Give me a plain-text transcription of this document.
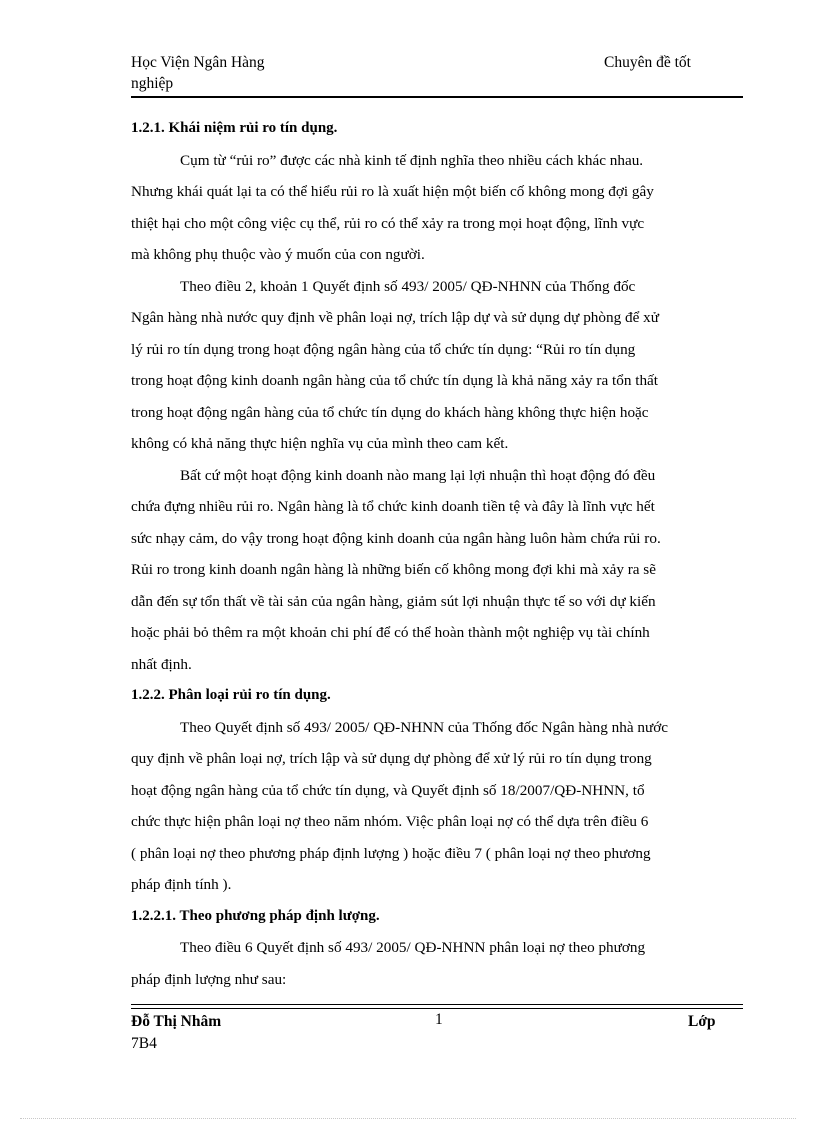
Học Viện Ngân Hàng
nghiệp
Chuyên đề tốt
1.2.1. Khái niệm rủi ro tín dụng.
Cụm từ “rủi ro” được các nhà kinh tế định nghĩa theo nhiều cách khác nhau.
Nhưng khái quát lại ta có thể hiểu rủi ro là xuất hiện một biến cố không mong đợi gây
thiệt hại cho một công việc cụ thể, rủi ro có thể xảy ra trong mọi hoạt động, lĩnh vực
mà không phụ thuộc vào ý muốn của con người.
Theo điều 2, khoản 1 Quyết định số 493/ 2005/ QĐ-NHNN của Thống đốc
Ngân hàng nhà nước quy định về phân loại nợ, trích lập dự và sử dụng dự phòng để xử
lý rủi ro tín dụng trong hoạt động ngân hàng của tổ chức tín dụng: “Rủi ro tín dụng
trong hoạt động kinh doanh ngân hàng của tổ chức tín dụng là khả năng xảy ra tổn thất
trong hoạt động ngân hàng của tổ chức tín dụng do khách hàng không thực hiện hoặc
không có khả năng thực hiện nghĩa vụ của mình theo cam kết.
Bất cứ một hoạt động kinh doanh nào mang lại lợi nhuận thì hoạt động đó đều
chứa đựng nhiều rủi ro. Ngân hàng là tổ chức kinh doanh tiền tệ và đây là lĩnh vực hết
sức nhạy cảm, do vậy trong hoạt động kinh doanh của ngân hàng luôn hàm chứa rủi ro.
Rủi ro trong kinh doanh ngân hàng là những biến cố không mong đợi khi mà xảy ra sẽ
dẫn đến sự tổn thất về tài sản của ngân hàng, giảm sút lợi nhuận thực tế so với dự kiến
hoặc phải bỏ thêm ra một khoản chi phí để có thể hoàn thành một nghiệp vụ tài chính
nhất định.
1.2.2. Phân loại rủi ro tín dụng.
Theo Quyết định số 493/ 2005/ QĐ-NHNN của Thống đốc Ngân hàng nhà nước
quy định về phân loại nợ, trích lập và sử dụng dự phòng để xử lý rủi ro tín dụng trong
hoạt động ngân hàng của tổ chức tín dụng, và Quyết định số 18/2007/QĐ-NHNN, tổ
chức thực hiện phân loại nợ theo năm nhóm. Việc phân loại nợ có thể dựa trên điều 6
( phân loại nợ theo phương pháp định lượng ) hoặc điều 7 ( phân loại nợ theo phương
pháp định tính ).
1.2.2.1. Theo phương pháp định lượng.
Theo điều 6 Quyết định số 493/ 2005/ QĐ-NHNN phân loại nợ theo phương
pháp định lượng như sau:
Đỗ Thị Nhâm
7B4
1	Lớp
